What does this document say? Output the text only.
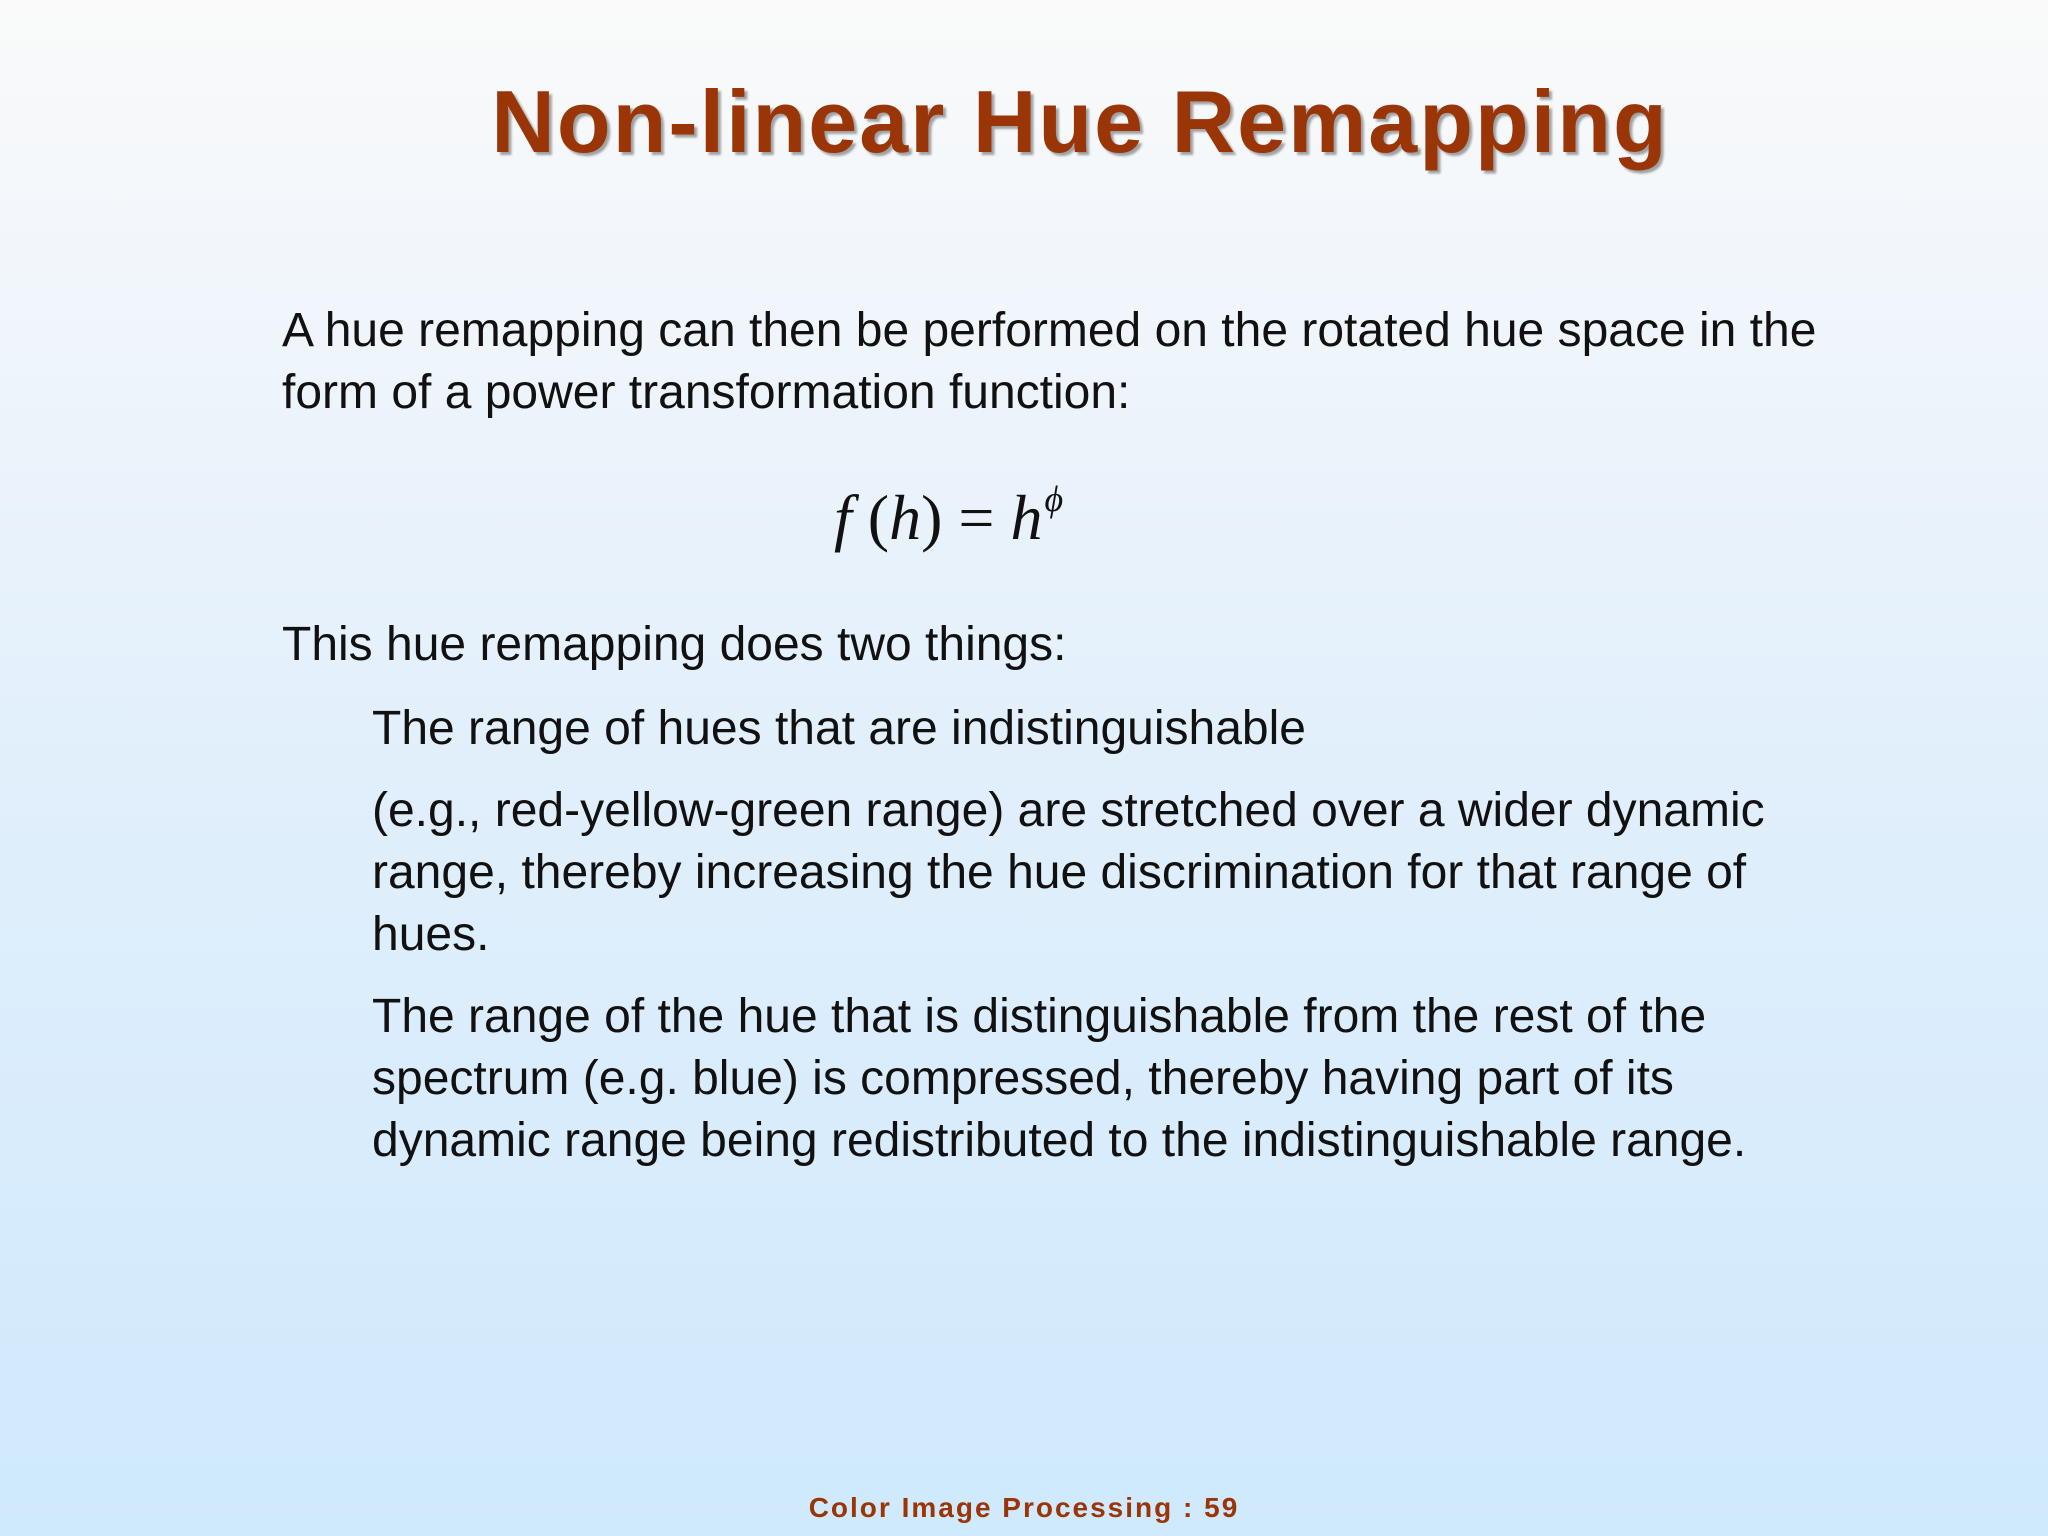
Non-linear Hue Remapping

A hue remapping can then be performed on the rotated hue space in the form of a power transformation function:

f $(h) = h^\phi$

This hue remapping does two things:

The range of hues that are indistinguishable

(e.g., red-yellow-green range) are stretched over a wider dynamic range, thereby increasing the hue discrimination for that range of hues.

The range of the hue that is distinguishable from the rest of the spectrum (e.g. blue) is compressed, thereby having part of its dynamic range being redistributed to the indistinguishable range.

Color Image Processing : 59
